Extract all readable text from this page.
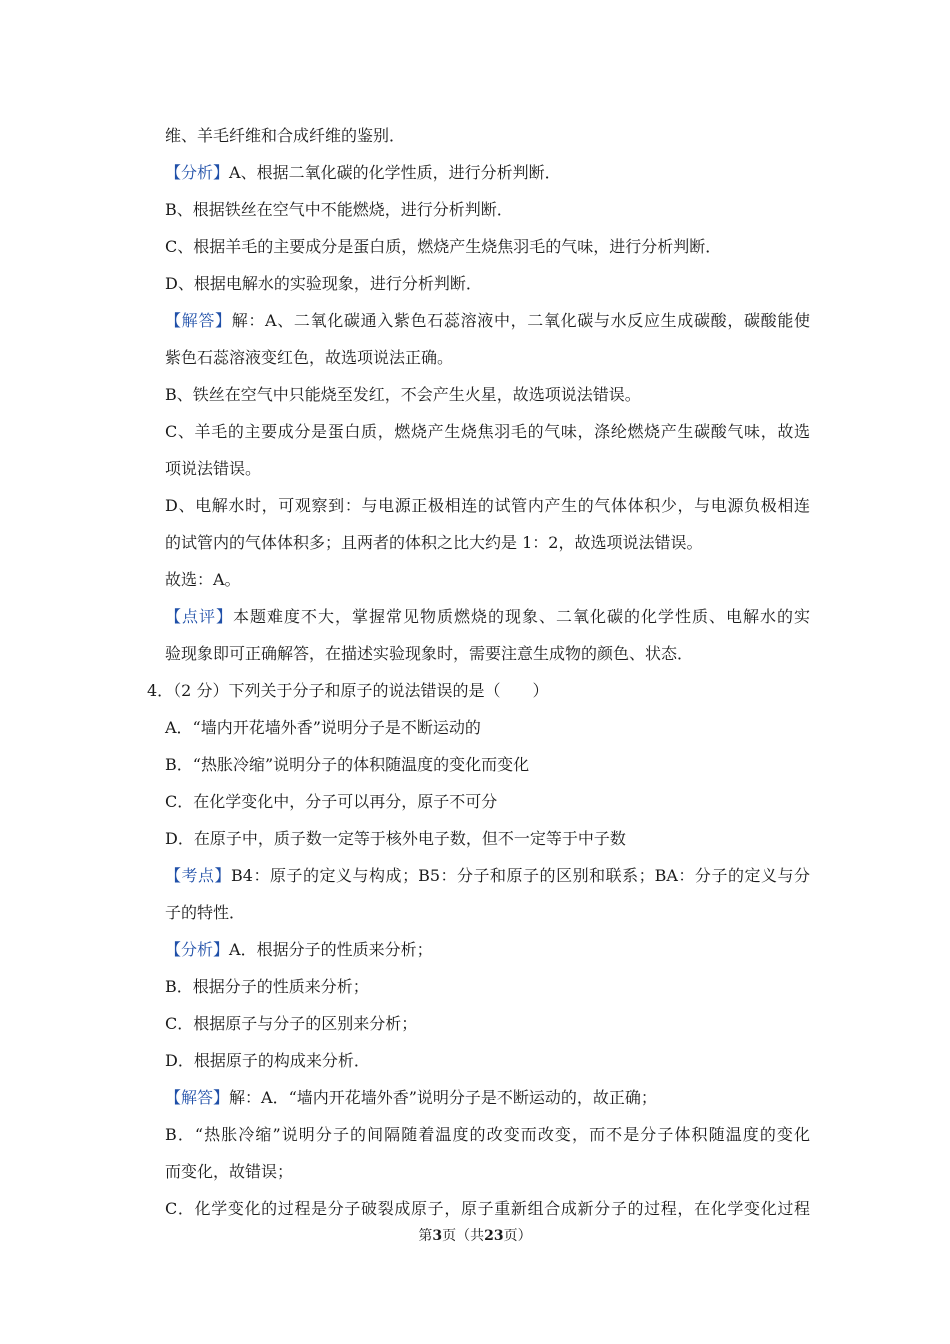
维、羊毛纤维和合成纤维的鉴别．
【分析】A、根据二氧化碳的化学性质，进行分析判断．
B、根据铁丝在空气中不能燃烧，进行分析判断．
C、根据羊毛的主要成分是蛋白质，燃烧产生烧焦羽毛的气味，进行分析判断．
D、根据电解水的实验现象，进行分析判断．
【解答】解：A、二氧化碳通入紫色石蕊溶液中，二氧化碳与水反应生成碳酸，碳酸能使
紫色石蕊溶液变红色，故选项说法正确。
B、铁丝在空气中只能烧至发红，不会产生火星，故选项说法错误。
C、羊毛的主要成分是蛋白质，燃烧产生烧焦羽毛的气味，涤纶燃烧产生碳酸气味，故选
项说法错误。
D、电解水时，可观察到：与电源正极相连的试管内产生的气体体积少，与电源负极相连
的试管内的气体体积多；且两者的体积之比大约是 1：2，故选项说法错误。
故选：A。
【点评】本题难度不大，掌握常见物质燃烧的现象、二氧化碳的化学性质、电解水的实
验现象即可正确解答，在描述实验现象时，需要注意生成物的颜色、状态．
4．（2 分）下列关于分子和原子的说法错误的是（　　）
A．“墙内开花墙外香”说明分子是不断运动的
B．“热胀冷缩”说明分子的体积随温度的变化而变化
C．在化学变化中，分子可以再分，原子不可分
D．在原子中，质子数一定等于核外电子数，但不一定等于中子数
【考点】B4：原子的定义与构成；B5：分子和原子的区别和联系；BA：分子的定义与分
子的特性．
【分析】A．根据分子的性质来分析；
B．根据分子的性质来分析；
C．根据原子与分子的区别来分析；
D．根据原子的构成来分析．
【解答】解：A．“墙内开花墙外香”说明分子是不断运动的，故正确；
B．“热胀冷缩”说明分子的间隔随着温度的改变而改变，而不是分子体积随温度的变化
而变化，故错误；
C．化学变化的过程是分子破裂成原子，原子重新组合成新分子的过程，在化学变化过程
第3页（共23页）
